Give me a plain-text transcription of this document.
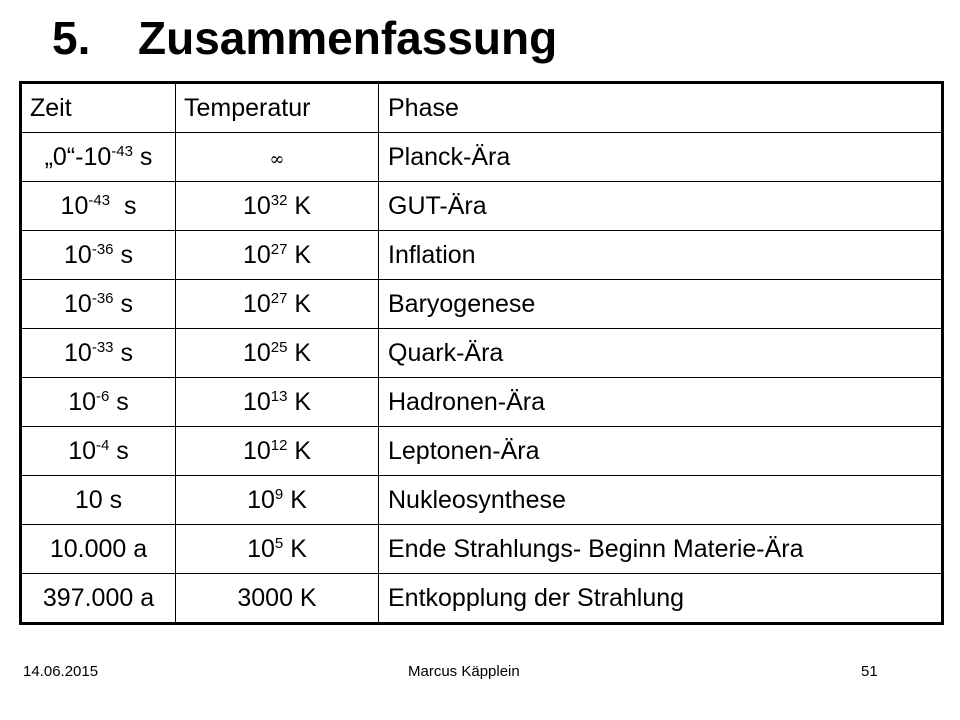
5. Zusammenfassung
Zeit	Temperatur	Phase
$„0“-10^{-43}$ s	∞	Planck-Ära
$10^{-43}$  s	$10^{32}$ K	GUT-Ära
$10^{-36}$ s	$10^{27}$ K	Inflation
$10^{-36}$ s	$10^{27}$ K	Baryogenese
$10^{-33}$ s	$10^{25}$ K	Quark-Ära
$10^{-6}$ s	$10^{13}$ K	Hadronen-Ära
$10^{-4}$ s	$10^{12}$ K	Leptonen-Ära
10 s	$10^9$ K	Nukleosynthese
10.000 a	$10^5$ K	Ende Strahlungs- Beginn Materie-Ära
397.000 a	3000 K	Entkopplung der Strahlung
14.06.2015	Marcus Käpplein	51
